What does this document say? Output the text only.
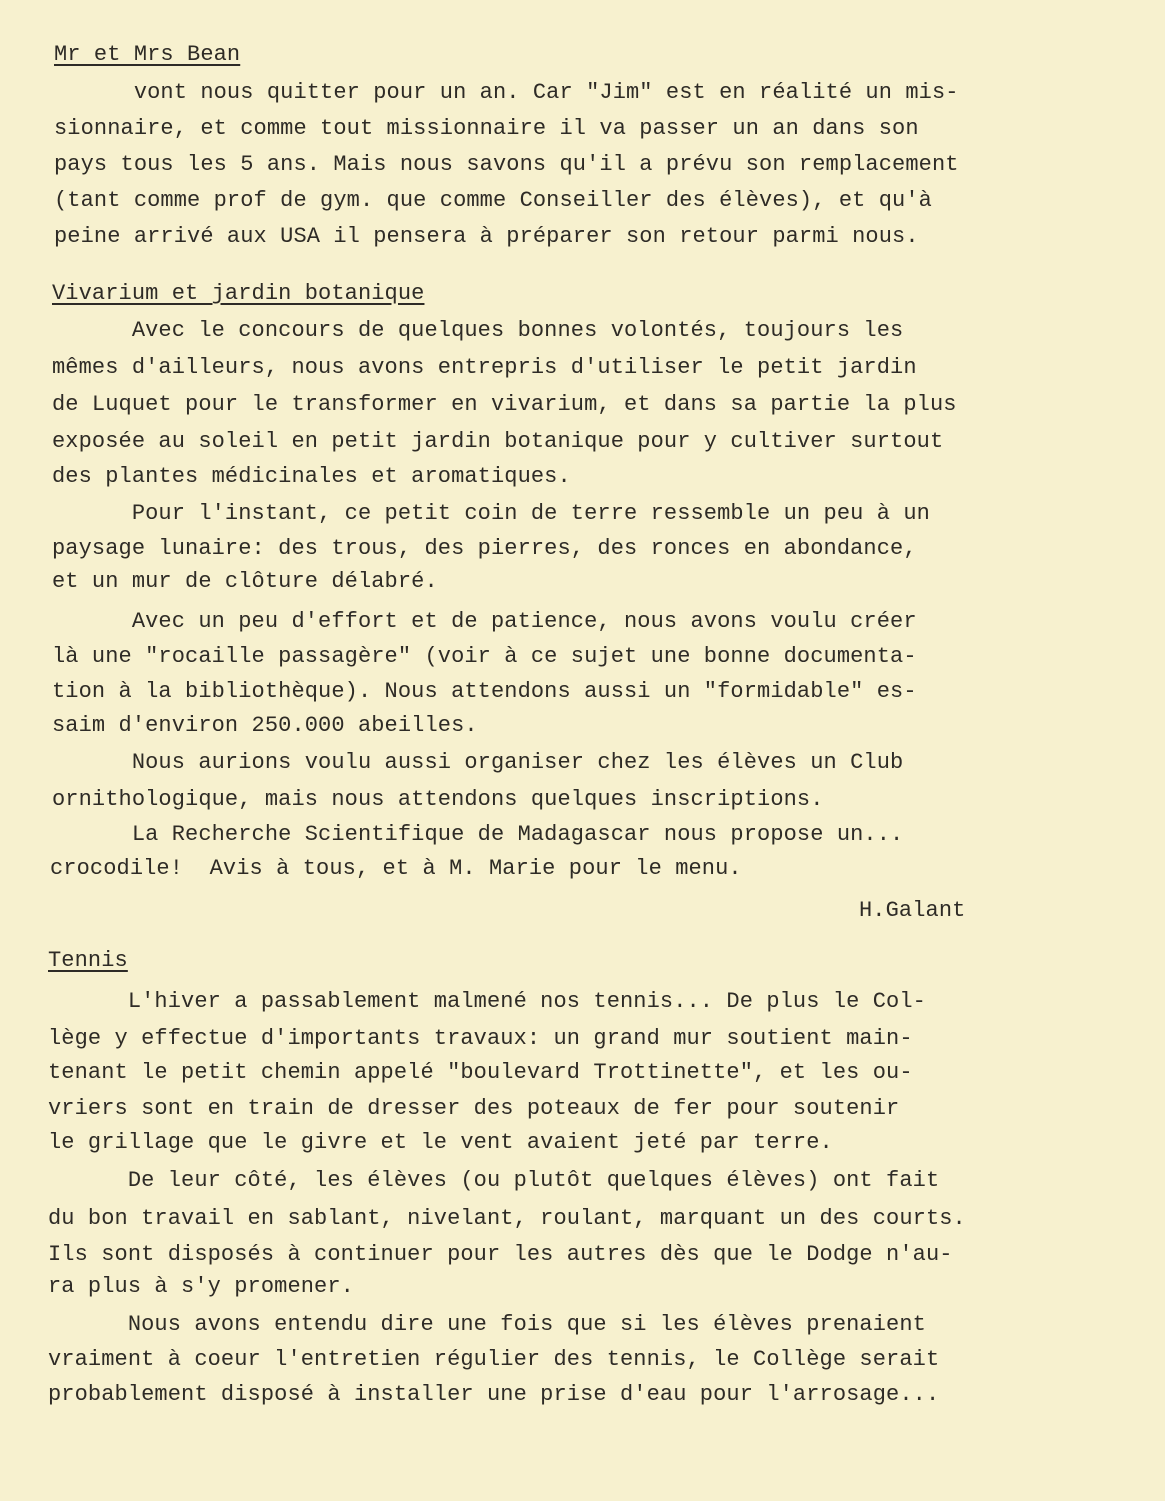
Mr et Mrs Bean
vont nous quitter pour un an. Car "Jim" est en réalité un mis-
sionnaire, et comme tout missionnaire il va passer un an dans son
pays tous les 5 ans. Mais nous savons qu'il a prévu son remplacement
(tant comme prof de gym. que comme Conseiller des élèves), et qu'à
peine arrivé aux USA il pensera à préparer son retour parmi nous.
Vivarium et jardin botanique
Avec le concours de quelques bonnes volontés, toujours les
mêmes d'ailleurs, nous avons entrepris d'utiliser le petit jardin
de Luquet pour le transformer en vivarium, et dans sa partie la plus
exposée au soleil en petit jardin botanique pour y cultiver surtout
des plantes médicinales et aromatiques.
Pour l'instant, ce petit coin de terre ressemble un peu à un
paysage lunaire: des trous, des pierres, des ronces en abondance,
et un mur de clôture délabré.
Avec un peu d'effort et de patience, nous avons voulu créer
là une "rocaille passagère" (voir à ce sujet une bonne documenta-
tion à la bibliothèque). Nous attendons aussi un "formidable" es-
saim d'environ 250.000 abeilles.
Nous aurions voulu aussi organiser chez les élèves un Club
ornithologique, mais nous attendons quelques inscriptions.
La Recherche Scientifique de Madagascar nous propose un...
crocodile!  Avis à tous, et à M. Marie pour le menu.
H.Galant
Tennis
L'hiver a passablement malmené nos tennis... De plus le Col-
lège y effectue d'importants travaux: un grand mur soutient main-
tenant le petit chemin appelé "boulevard Trottinette", et les ou-
vriers sont en train de dresser des poteaux de fer pour soutenir
le grillage que le givre et le vent avaient jeté par terre.
De leur côté, les élèves (ou plutôt quelques élèves) ont fait
du bon travail en sablant, nivelant, roulant, marquant un des courts.
Ils sont disposés à continuer pour les autres dès que le Dodge n'au-
ra plus à s'y promener.
Nous avons entendu dire une fois que si les élèves prenaient
vraiment à coeur l'entretien régulier des tennis, le Collège serait
probablement disposé à installer une prise d'eau pour l'arrosage...
